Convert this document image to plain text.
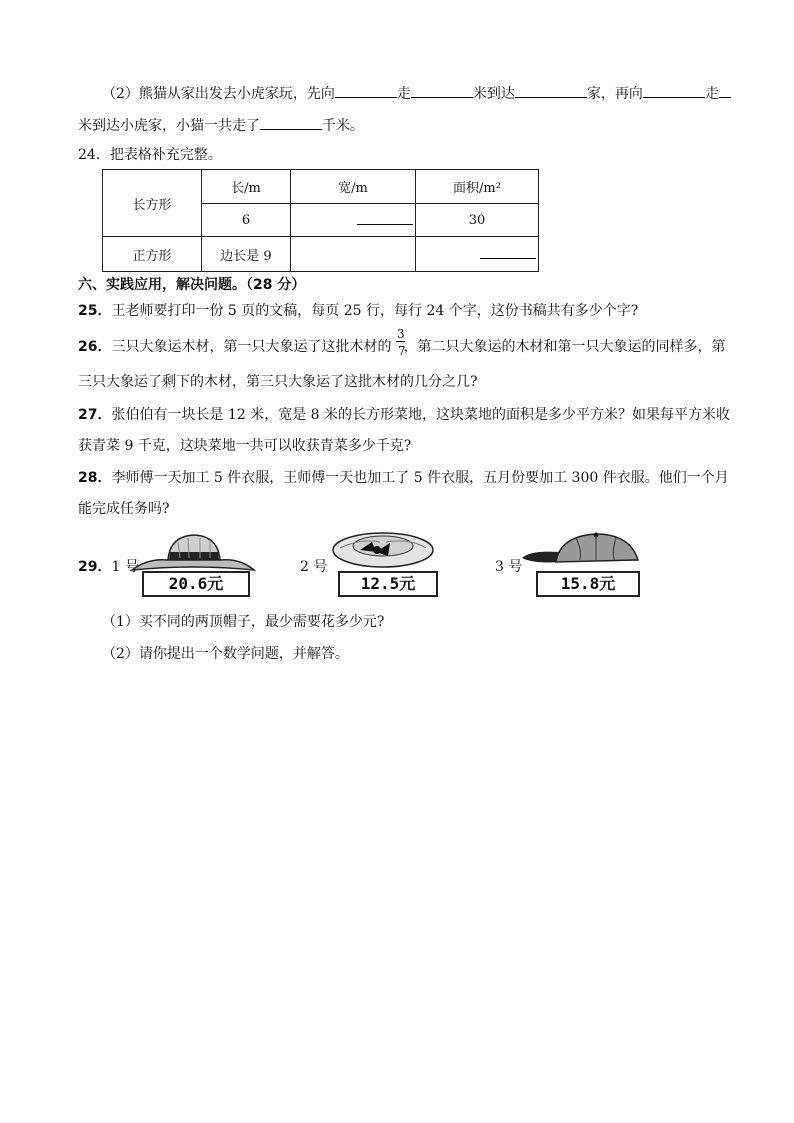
（2）熊猫从家出发去小虎家玩，先向	走	米到达	家，再向	走
米到达小虎家，小猫一共走了	千米。
24．把表格补充完整。
长方形	长/m	宽/m	面积/m²
	6		30
正方形	边长是 9		
六、实践应用，解决问题。（28 分）
25．王老师要打印一份 5 页的文稿，每页 25 行，每行 24 个字，这份书稿共有多少个字?
26．三只大象运木材，第一只大象运了这批木材的 ，第二只大象运的木材和第一只大象运的同样多，第
3
7
三只大象运了剩下的木材，第三只大象运了这批木材的几分之几?
27．张伯伯有一块长是 12 米，宽是 8 米的长方形菜地，这块菜地的面积是多少平方米？如果每平方米收
获青菜 9 千克，这块菜地一共可以收获青菜多少千克?
28．李师傅一天加工 5 件衣服，王师傅一天也加工了 5 件衣服，五月份要加工 300 件衣服。他们一个月
能完成任务吗?
29．1 号
20.6元
2 号
12.5元
3 号
15.8元
（1）买不同的两顶帽子，最少需要花多少元?
（2）请你提出一个数学问题，并解答。
